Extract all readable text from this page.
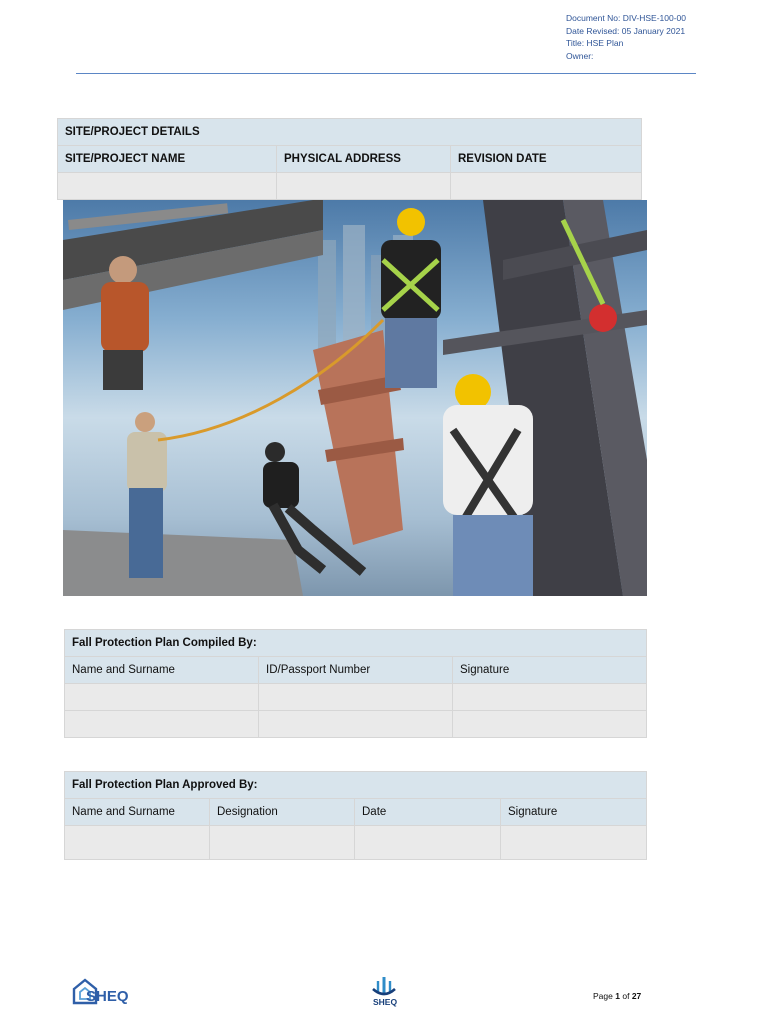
Document No: DIV-HSE-100-00
Date Revised: 05 January 2021
Title: HSE Plan
Owner:
SITE/PROJECT DETAILS		
SITE/PROJECT NAME	PHYSICAL ADDRESS	REVISION DATE

Fall Protection Plan Compiled By:		
Name and Surname	ID/Passport Number	Signature

Fall Protection Plan Approved By:			
Name and Surname	Designation	Date	Signature

SHEQ	SHEQ
Page 1 of 27
